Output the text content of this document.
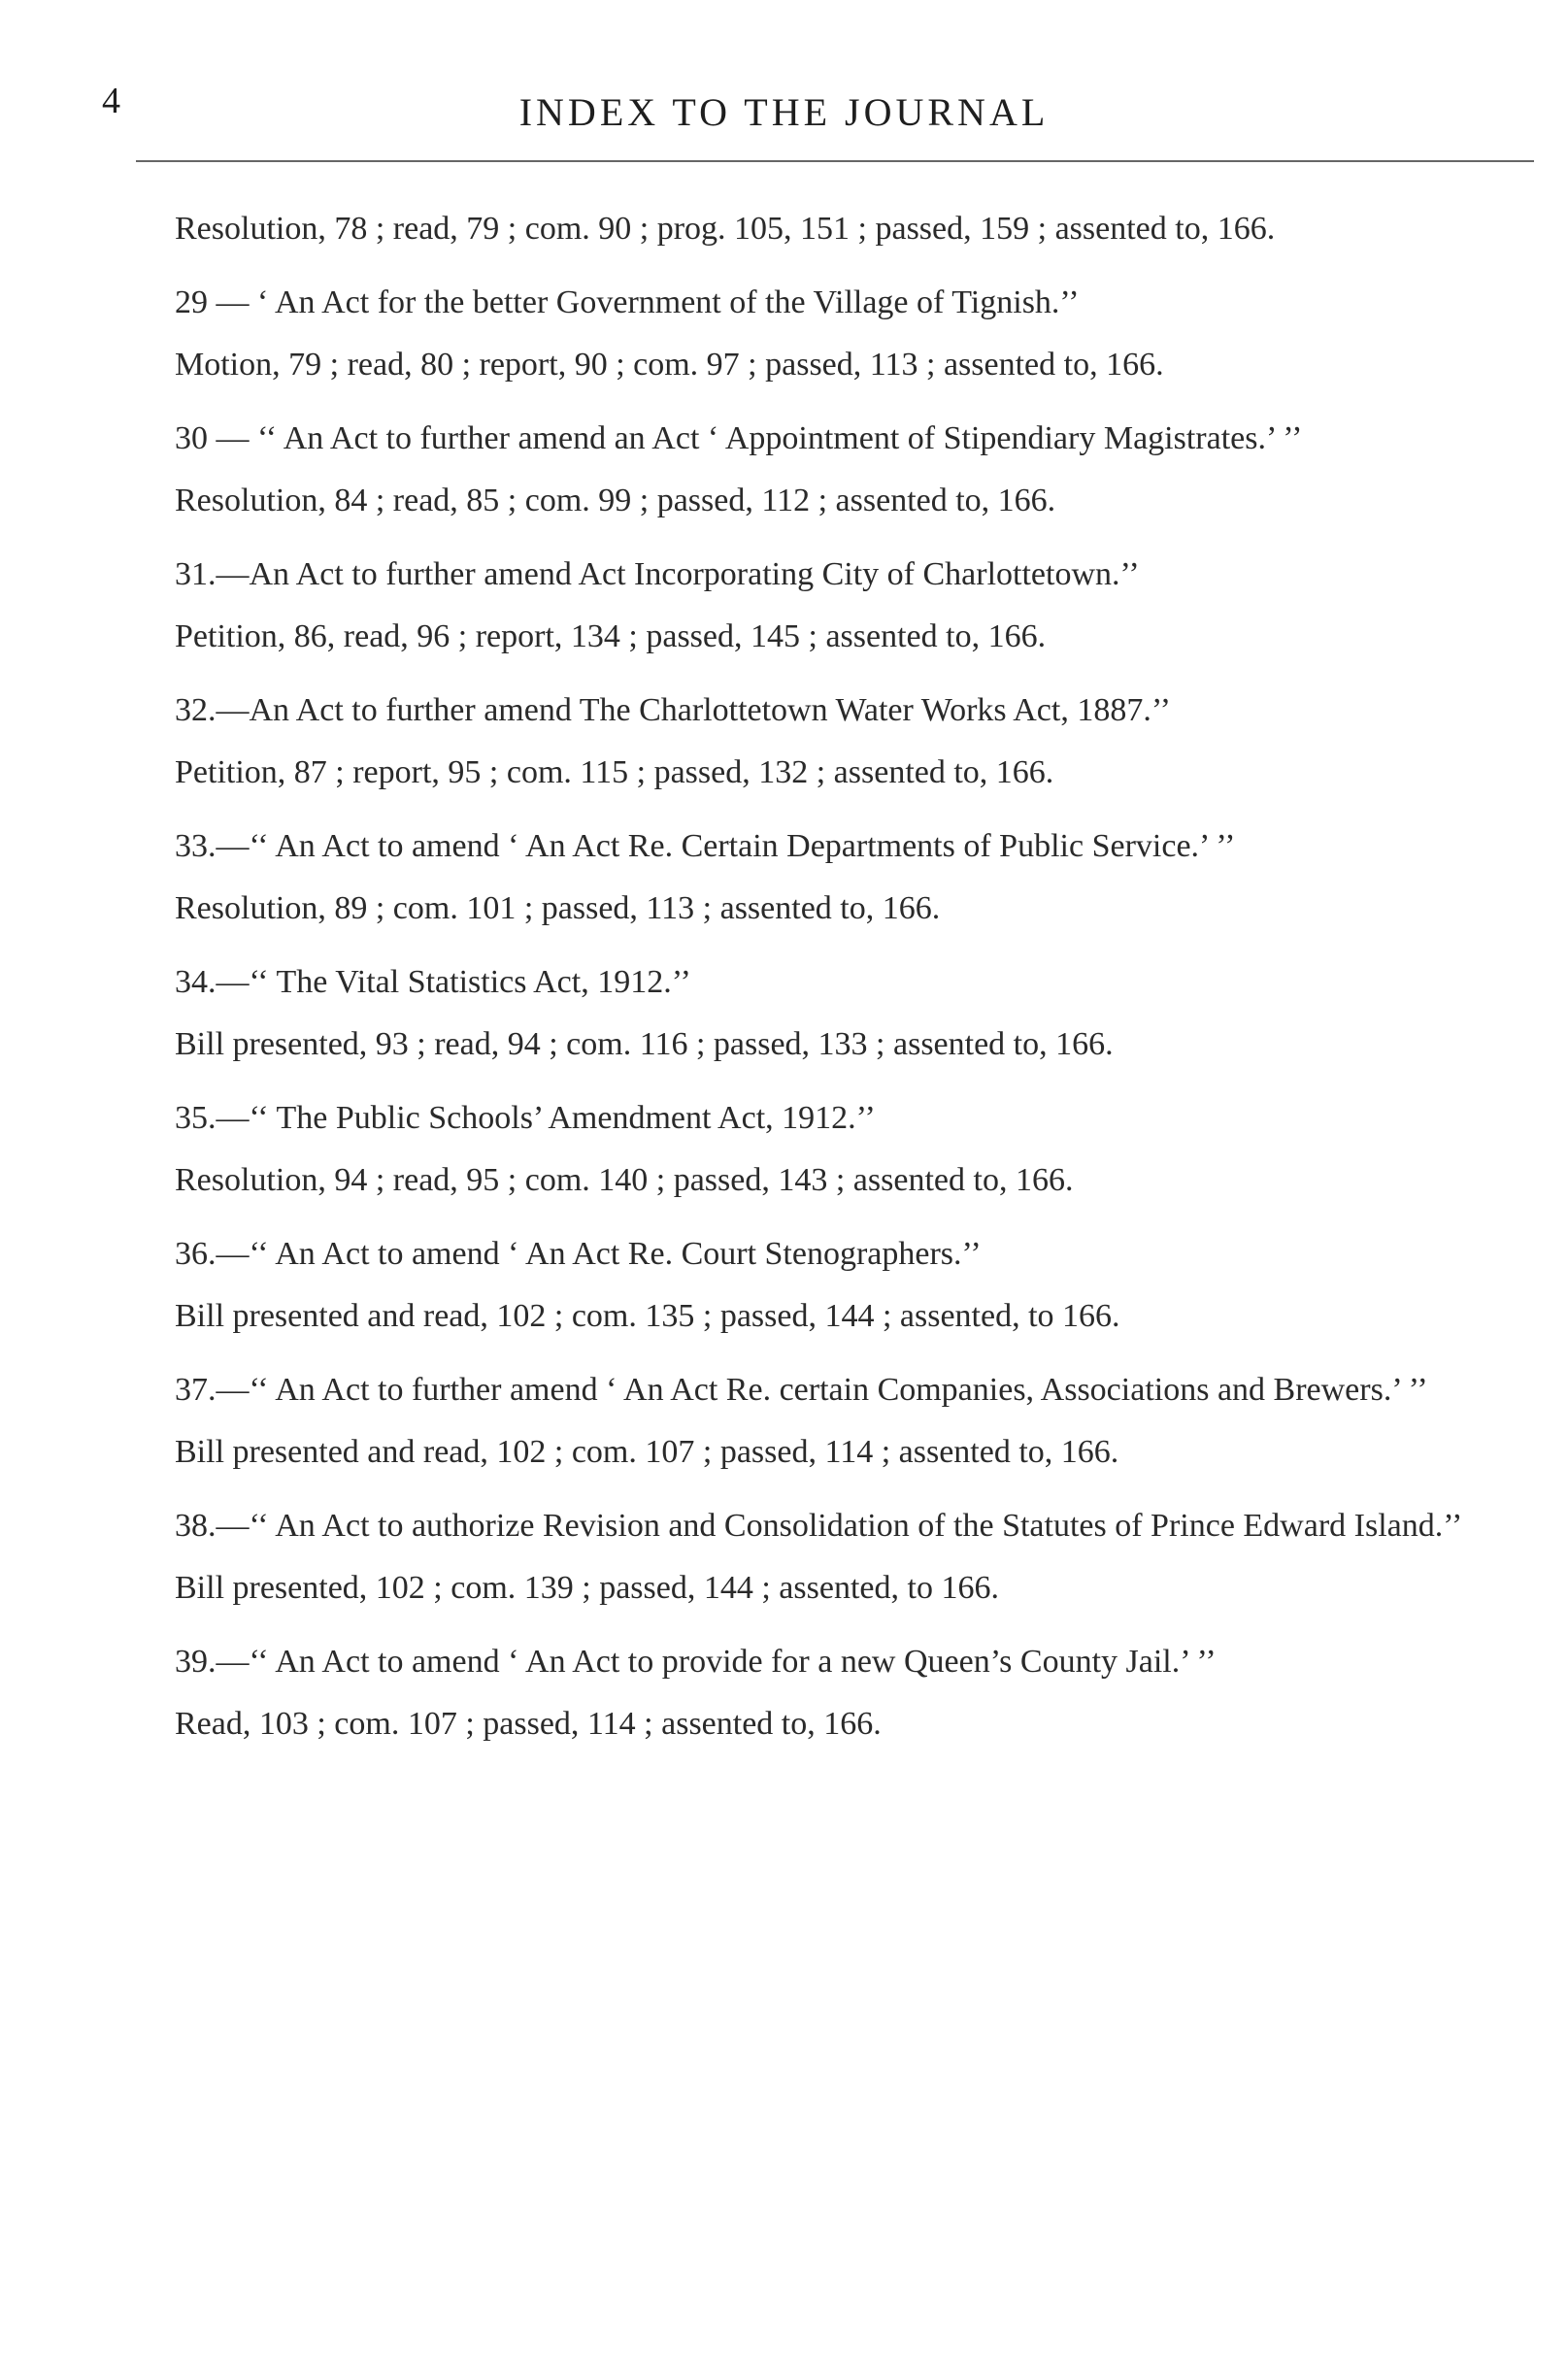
4	INDEX TO THE JOURNAL
Resolution, 78 ; read, 79 ; com. 90 ; prog. 105, 151 ; passed, 159 ; assented to, 166.
29 — ‘ An Act for the better Government of the Village of Tignish.’’
Motion, 79 ; read, 80 ; report, 90 ; com. 97 ; passed, 113 ; assented to, 166.
30 — ‘‘ An Act to further amend an Act ‘ Appointment of Stipendiary Magistrates.’ ’’
Resolution, 84 ; read, 85 ; com. 99 ; passed, 112 ; assented to, 166.
31.—An Act to further amend Act Incorporating City of Charlottetown.’’
Petition, 86, read, 96 ; report, 134 ; passed, 145 ; assented to, 166.
32.—An Act to further amend The Charlottetown Water Works Act, 1887.’’
Petition, 87 ; report, 95 ; com. 115 ; passed, 132 ; assented to, 166.
33.—‘‘ An Act to amend ‘ An Act Re. Certain Departments of Public Service.’ ’’
Resolution, 89 ; com. 101 ; passed, 113 ; assented to, 166.
34.—‘‘ The Vital Statistics Act, 1912.’’
Bill presented, 93 ; read, 94 ; com. 116 ; passed, 133 ; assented to, 166.
35.—‘‘ The Public Schools’ Amendment Act, 1912.’’
Resolution, 94 ; read, 95 ; com. 140 ; passed, 143 ; assented to, 166.
36.—‘‘ An Act to amend ‘ An Act Re. Court Stenographers.’’
Bill presented and read, 102 ; com. 135 ; passed, 144 ; assented, to 166.
37.—‘‘ An Act to further amend ‘ An Act Re. certain Companies, Associations and Brewers.’ ’’
Bill presented and read, 102 ; com. 107 ; passed, 114 ; assented to, 166.
38.—‘‘ An Act to authorize Revision and Consolidation of the Statutes of Prince Edward Island.’’
Bill presented, 102 ; com. 139 ; passed, 144 ; assented, to 166.
39.—‘‘ An Act to amend ‘ An Act to provide for a new Queen’s County Jail.’ ’’
Read, 103 ; com. 107 ; passed, 114 ; assented to, 166.
